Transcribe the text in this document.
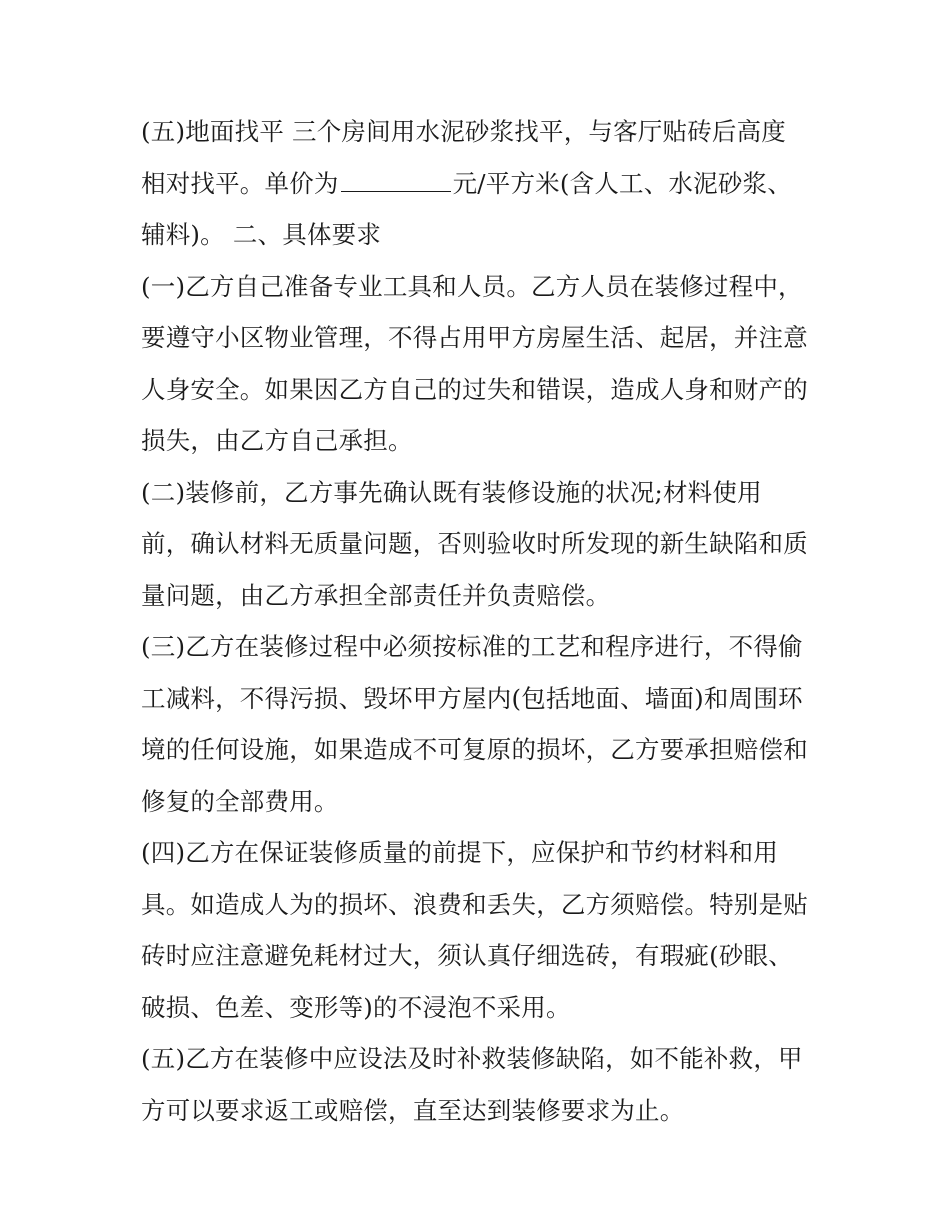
(五)地面找平 三个房间用水泥砂浆找平，与客厅贴砖后高度
相对找平。单价为	元/平方米(含人工、水泥砂浆、
辅料)。 二、具体要求
(一)乙方自己准备专业工具和人员。乙方人员在装修过程中，
要遵守小区物业管理，不得占用甲方房屋生活、起居，并注意
人身安全。如果因乙方自己的过失和错误，造成人身和财产的
损失，由乙方自己承担。
(二)装修前，乙方事先确认既有装修设施的状况;材料使用
前，确认材料无质量问题，否则验收时所发现的新生缺陷和质
量问题，由乙方承担全部责任并负责赔偿。
(三)乙方在装修过程中必须按标准的工艺和程序进行，不得偷
工减料，不得污损、毁坏甲方屋内(包括地面、墙面)和周围环
境的任何设施，如果造成不可复原的损坏，乙方要承担赔偿和
修复的全部费用。
(四)乙方在保证装修质量的前提下，应保护和节约材料和用
具。如造成人为的损坏、浪费和丢失，乙方须赔偿。特别是贴
砖时应注意避免耗材过大，须认真仔细选砖，有瑕疵(砂眼、
破损、色差、变形等)的不浸泡不采用。
(五)乙方在装修中应设法及时补救装修缺陷，如不能补救，甲
方可以要求返工或赔偿，直至达到装修要求为止。
